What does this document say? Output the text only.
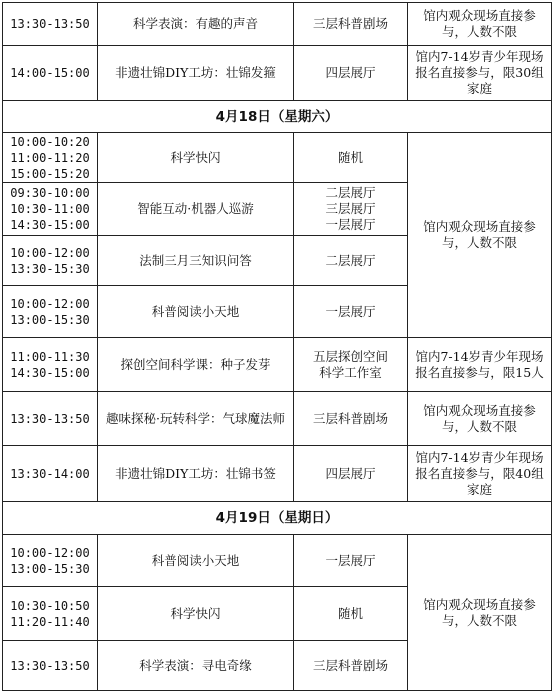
13:30-13:50	科学表演：有趣的声音	三层科普剧场	馆内观众现场直接参与，人数不限

14:00-15:00	非遗壮锦DIY工坊：壮锦发箍	四层展厅	馆内7-14岁青少年现场报名直接参与，限30组家庭
4月18日（星期六）			

10:00-10:20
11:00-11:20
15:00-15:20	科学快闪	随机	馆内观众现场直接参与，人数不限

09:30-10:00
10:30-11:00
14:30-15:00	智能互动·机器人巡游	二层展厅
三层展厅
一层展厅	

10:00-12:00
13:30-15:30	法制三月三知识问答	二层展厅	

10:00-12:00
13:00-15:30	科普阅读小天地	一层展厅	

11:00-11:30
14:30-15:00	探创空间科学课：种子发芽	五层探创空间
科学工作室	馆内7-14岁青少年现场报名直接参与，限15人

13:30-13:50	趣味探秘·玩转科学：气球魔法师	三层科普剧场	馆内观众现场直接参与，人数不限

13:30-14:00	非遗壮锦DIY工坊：壮锦书签	四层展厅	馆内7-14岁青少年现场报名直接参与，限40组家庭
4月19日（星期日）			

10:00-12:00
13:00-15:30	科普阅读小天地	一层展厅	馆内观众现场直接参与，人数不限

10:30-10:50
11:20-11:40	科学快闪	随机	

13:30-13:50	科学表演：寻电奇缘	三层科普剧场	
